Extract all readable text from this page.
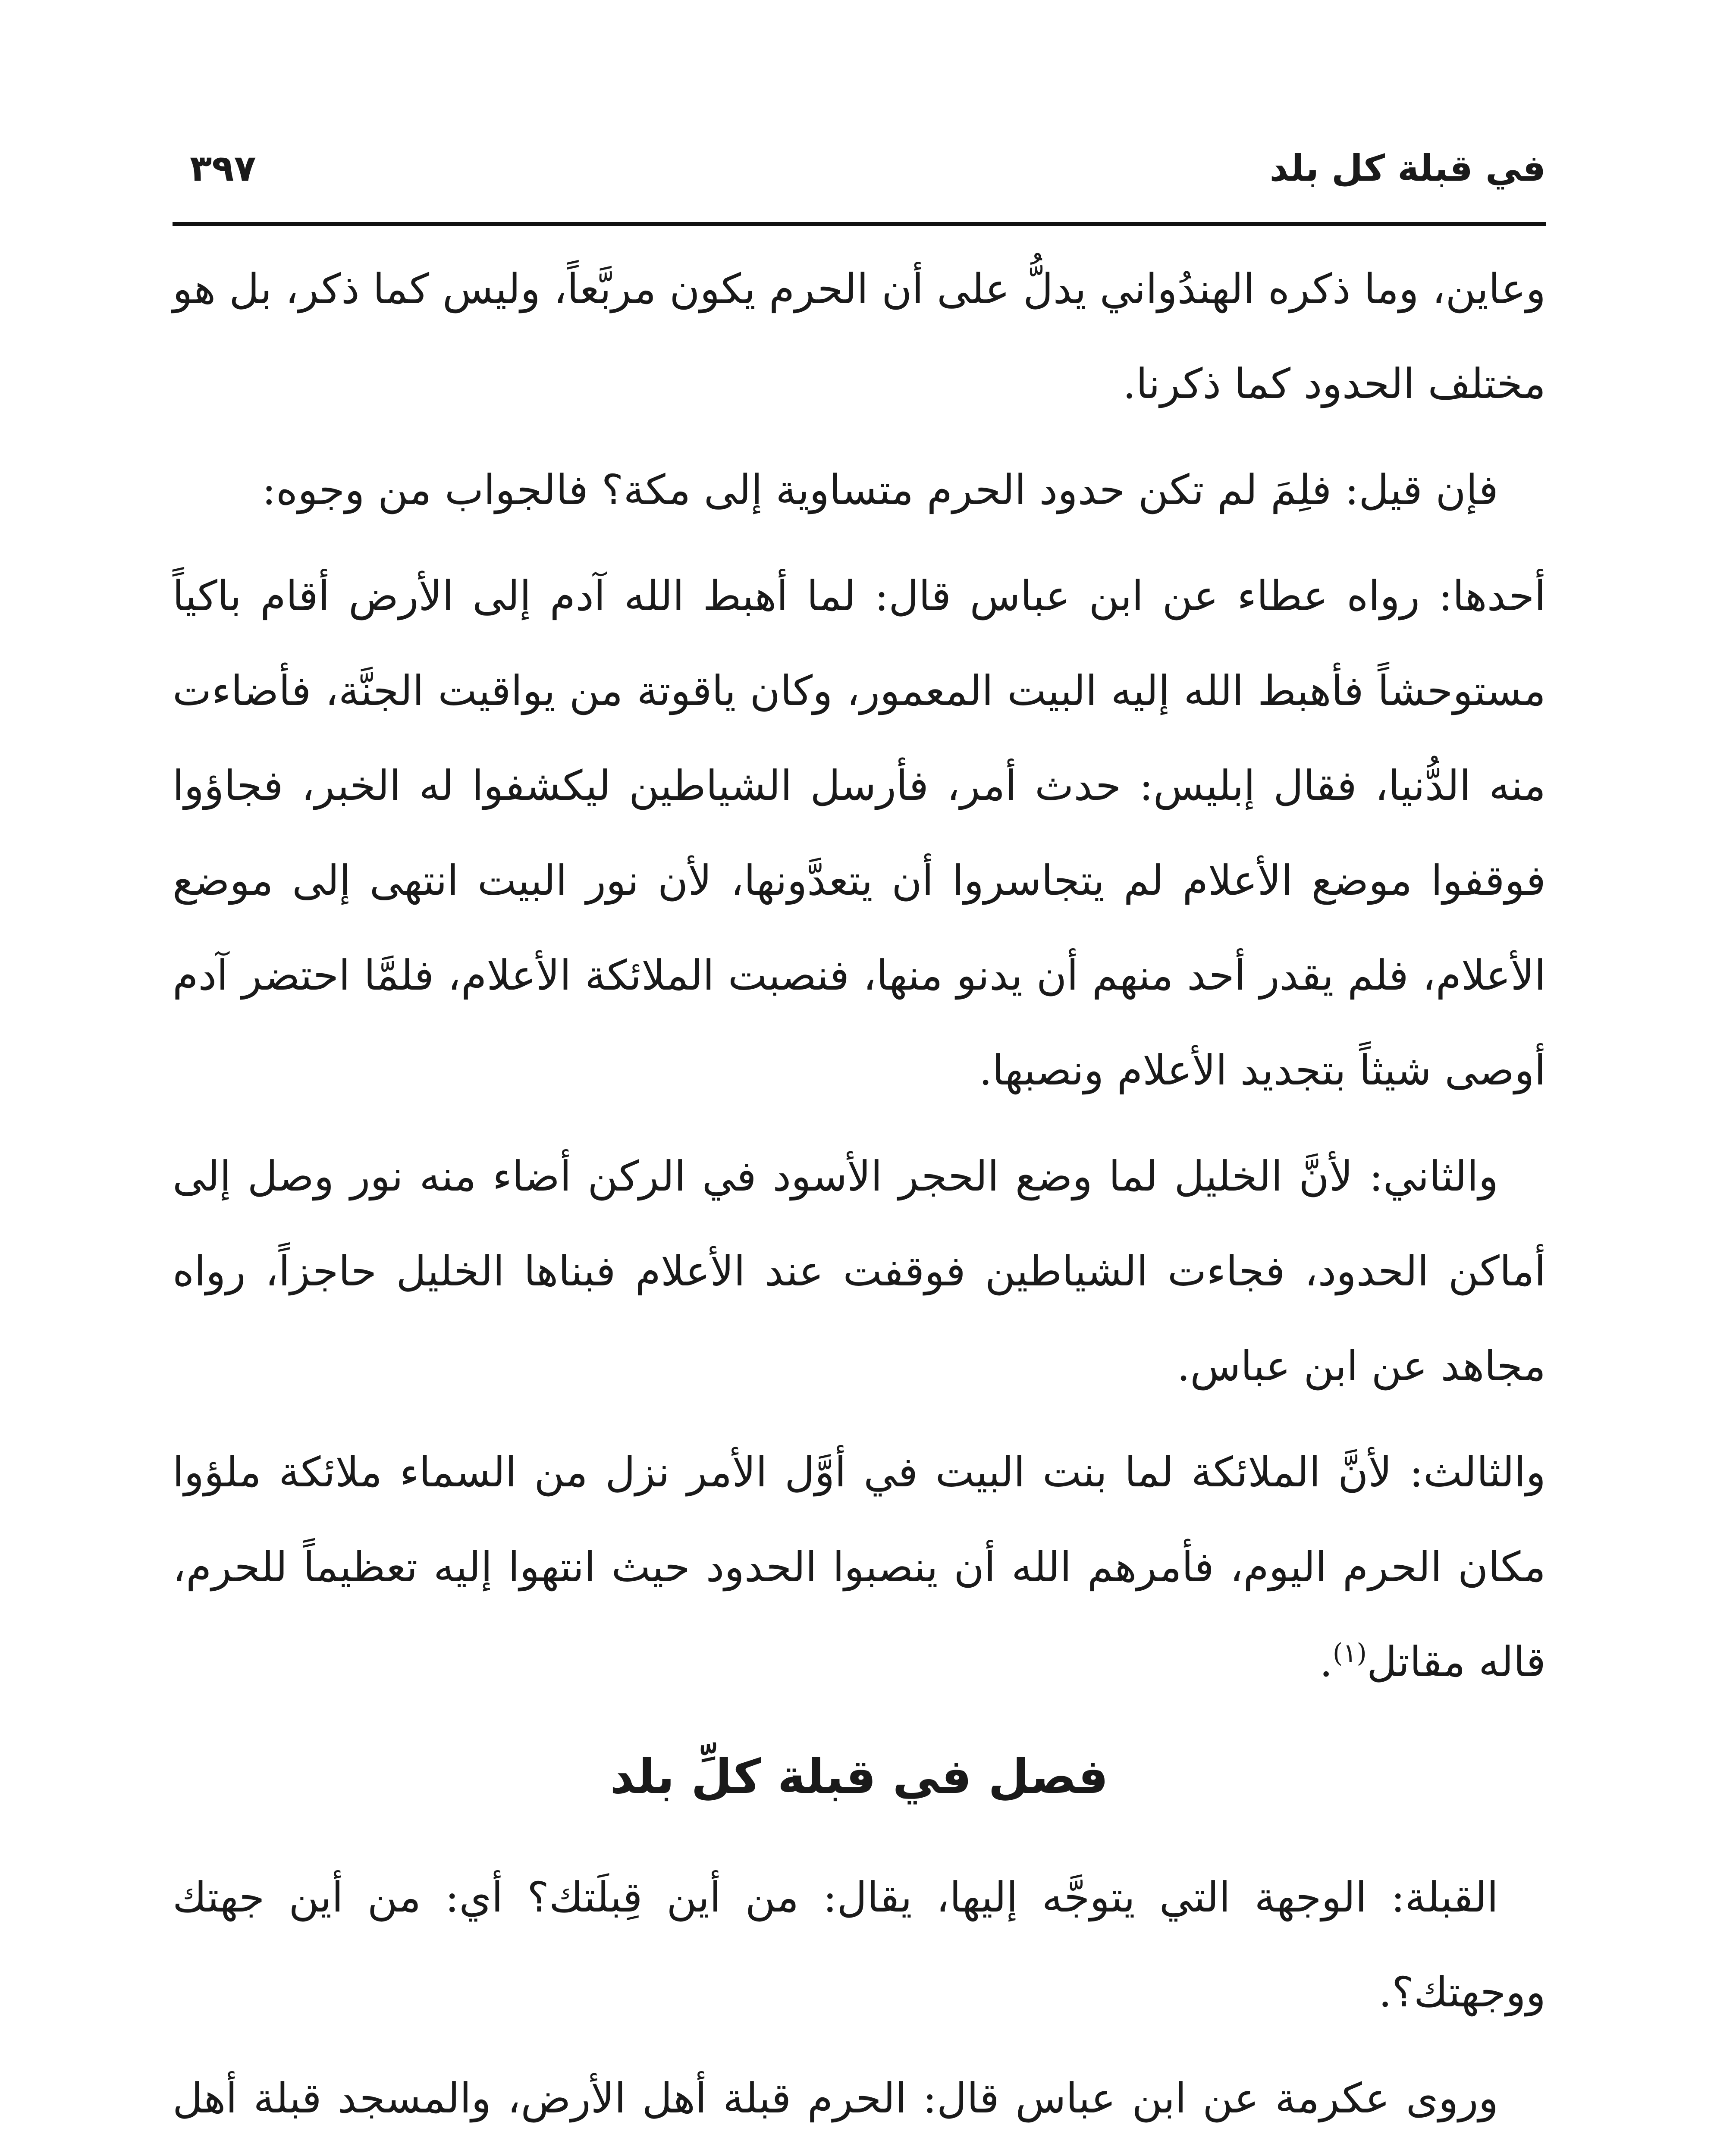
في قبلة كل بلد
٣٩٧

وعاين، وما ذكره الهندُواني يدلُّ على أن الحرم يكون مربَّعاً، وليس كما ذكر، بل هو مختلف الحدود كما ذكرنا.

فإن قيل: فلِمَ لم تكن حدود الحرم متساوية إلى مكة؟ فالجواب من وجوه:

أحدها: رواه عطاء عن ابن عباس قال: لما أهبط الله آدم إلى الأرض أقام باكياً مستوحشاً فأهبط الله إليه البيت المعمور، وكان ياقوتة من يواقيت الجنَّة، فأضاءت منه الدُّنيا، فقال إبليس: حدث أمر، فأرسل الشياطين ليكشفوا له الخبر، فجاؤوا فوقفوا موضع الأعلام لم يتجاسروا أن يتعدَّونها، لأن نور البيت انتهى إلى موضع الأعلام، فلم يقدر أحد منهم أن يدنو منها، فنصبت الملائكة الأعلام، فلمَّا احتضر آدم أوصى شيثاً بتجديد الأعلام ونصبها.

والثاني: لأنَّ الخليل لما وضع الحجر الأسود في الركن أضاء منه نور وصل إلى أماكن الحدود، فجاءت الشياطين فوقفت عند الأعلام فبناها الخليل حاجزاً، رواه مجاهد عن ابن عباس.

والثالث: لأنَّ الملائكة لما بنت البيت في أوَّل الأمر نزل من السماء ملائكة ملؤوا مكان الحرم اليوم، فأمرهم الله أن ينصبوا الحدود حيث انتهوا إليه تعظيماً للحرم، قاله مقاتل$^{(١)}$.

فصل في قبلة كلِّ بلد

القبلة: الوجهة التي يتوجَّه إليها، يقال: من أين قِبلَتك؟ أي: من أين جهتك ووجهتك؟.

وروى عكرمة عن ابن عباس قال: الحرم قبلة أهل الأرض، والمسجد قبلة أهل
